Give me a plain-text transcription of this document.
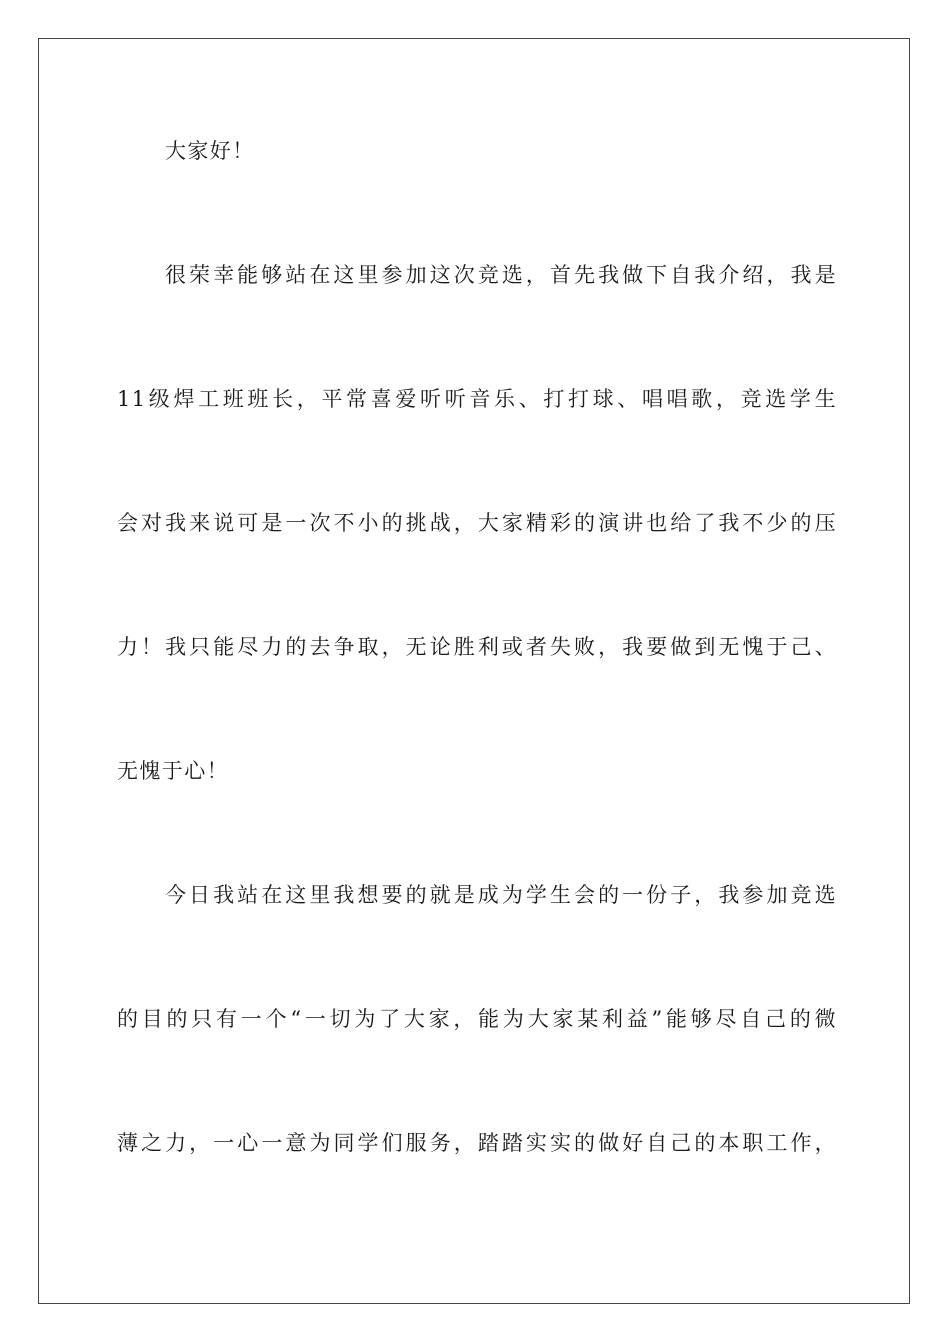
大家好！
很荣幸能够站在这里参加这次竞选，首先我做下自我介绍，我是
11级焊工班班长，平常喜爱听听音乐、打打球、唱唱歌，竞选学生
会对我来说可是一次不小的挑战，大家精彩的演讲也给了我不少的压
力！我只能尽力的去争取，无论胜利或者失败，我要做到无愧于己、
无愧于心！
今日我站在这里我想要的就是成为学生会的一份子，我参加竞选
的目的只有一个“一切为了大家，能为大家某利益”能够尽自己的微
薄之力，一心一意为同学们服务，踏踏实实的做好自己的本职工作，
